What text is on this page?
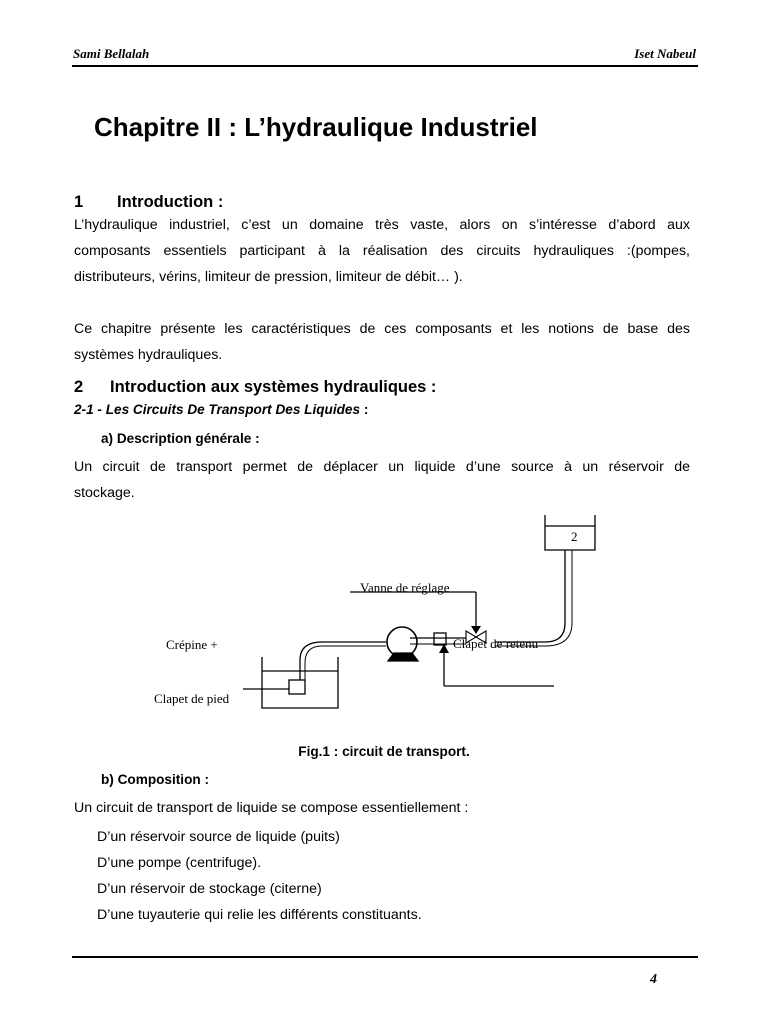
Sami Bellalah	Iset Nabeul
Chapitre II : L’hydraulique Industriel
1 Introduction :
L’hydraulique industriel, c’est un domaine très vaste, alors on s’intéresse d’abord aux
composants essentiels participant à la réalisation des circuits hydrauliques :(pompes,
distributeurs, vérins, limiteur de pression, limiteur de débit… ).
Ce chapitre présente les caractéristiques de ces composants et les notions de base des
systèmes hydrauliques.
2 Introduction aux systèmes hydrauliques :
2-1 - Les Circuits De Transport Des Liquides :
a) Description générale :
Un circuit de transport permet de déplacer un liquide d’une source à un réservoir de
stockage.
2
Vanne de réglage
Clapet de retenu
Crépine +
Clapet de pied
Fig.1 : circuit de transport.
b) Composition :
Un circuit de transport de liquide se compose essentiellement :
D’un réservoir source de liquide (puits)
D’une pompe (centrifuge).
D’un réservoir de stockage (citerne)
D’une tuyauterie qui relie les différents constituants.
4
